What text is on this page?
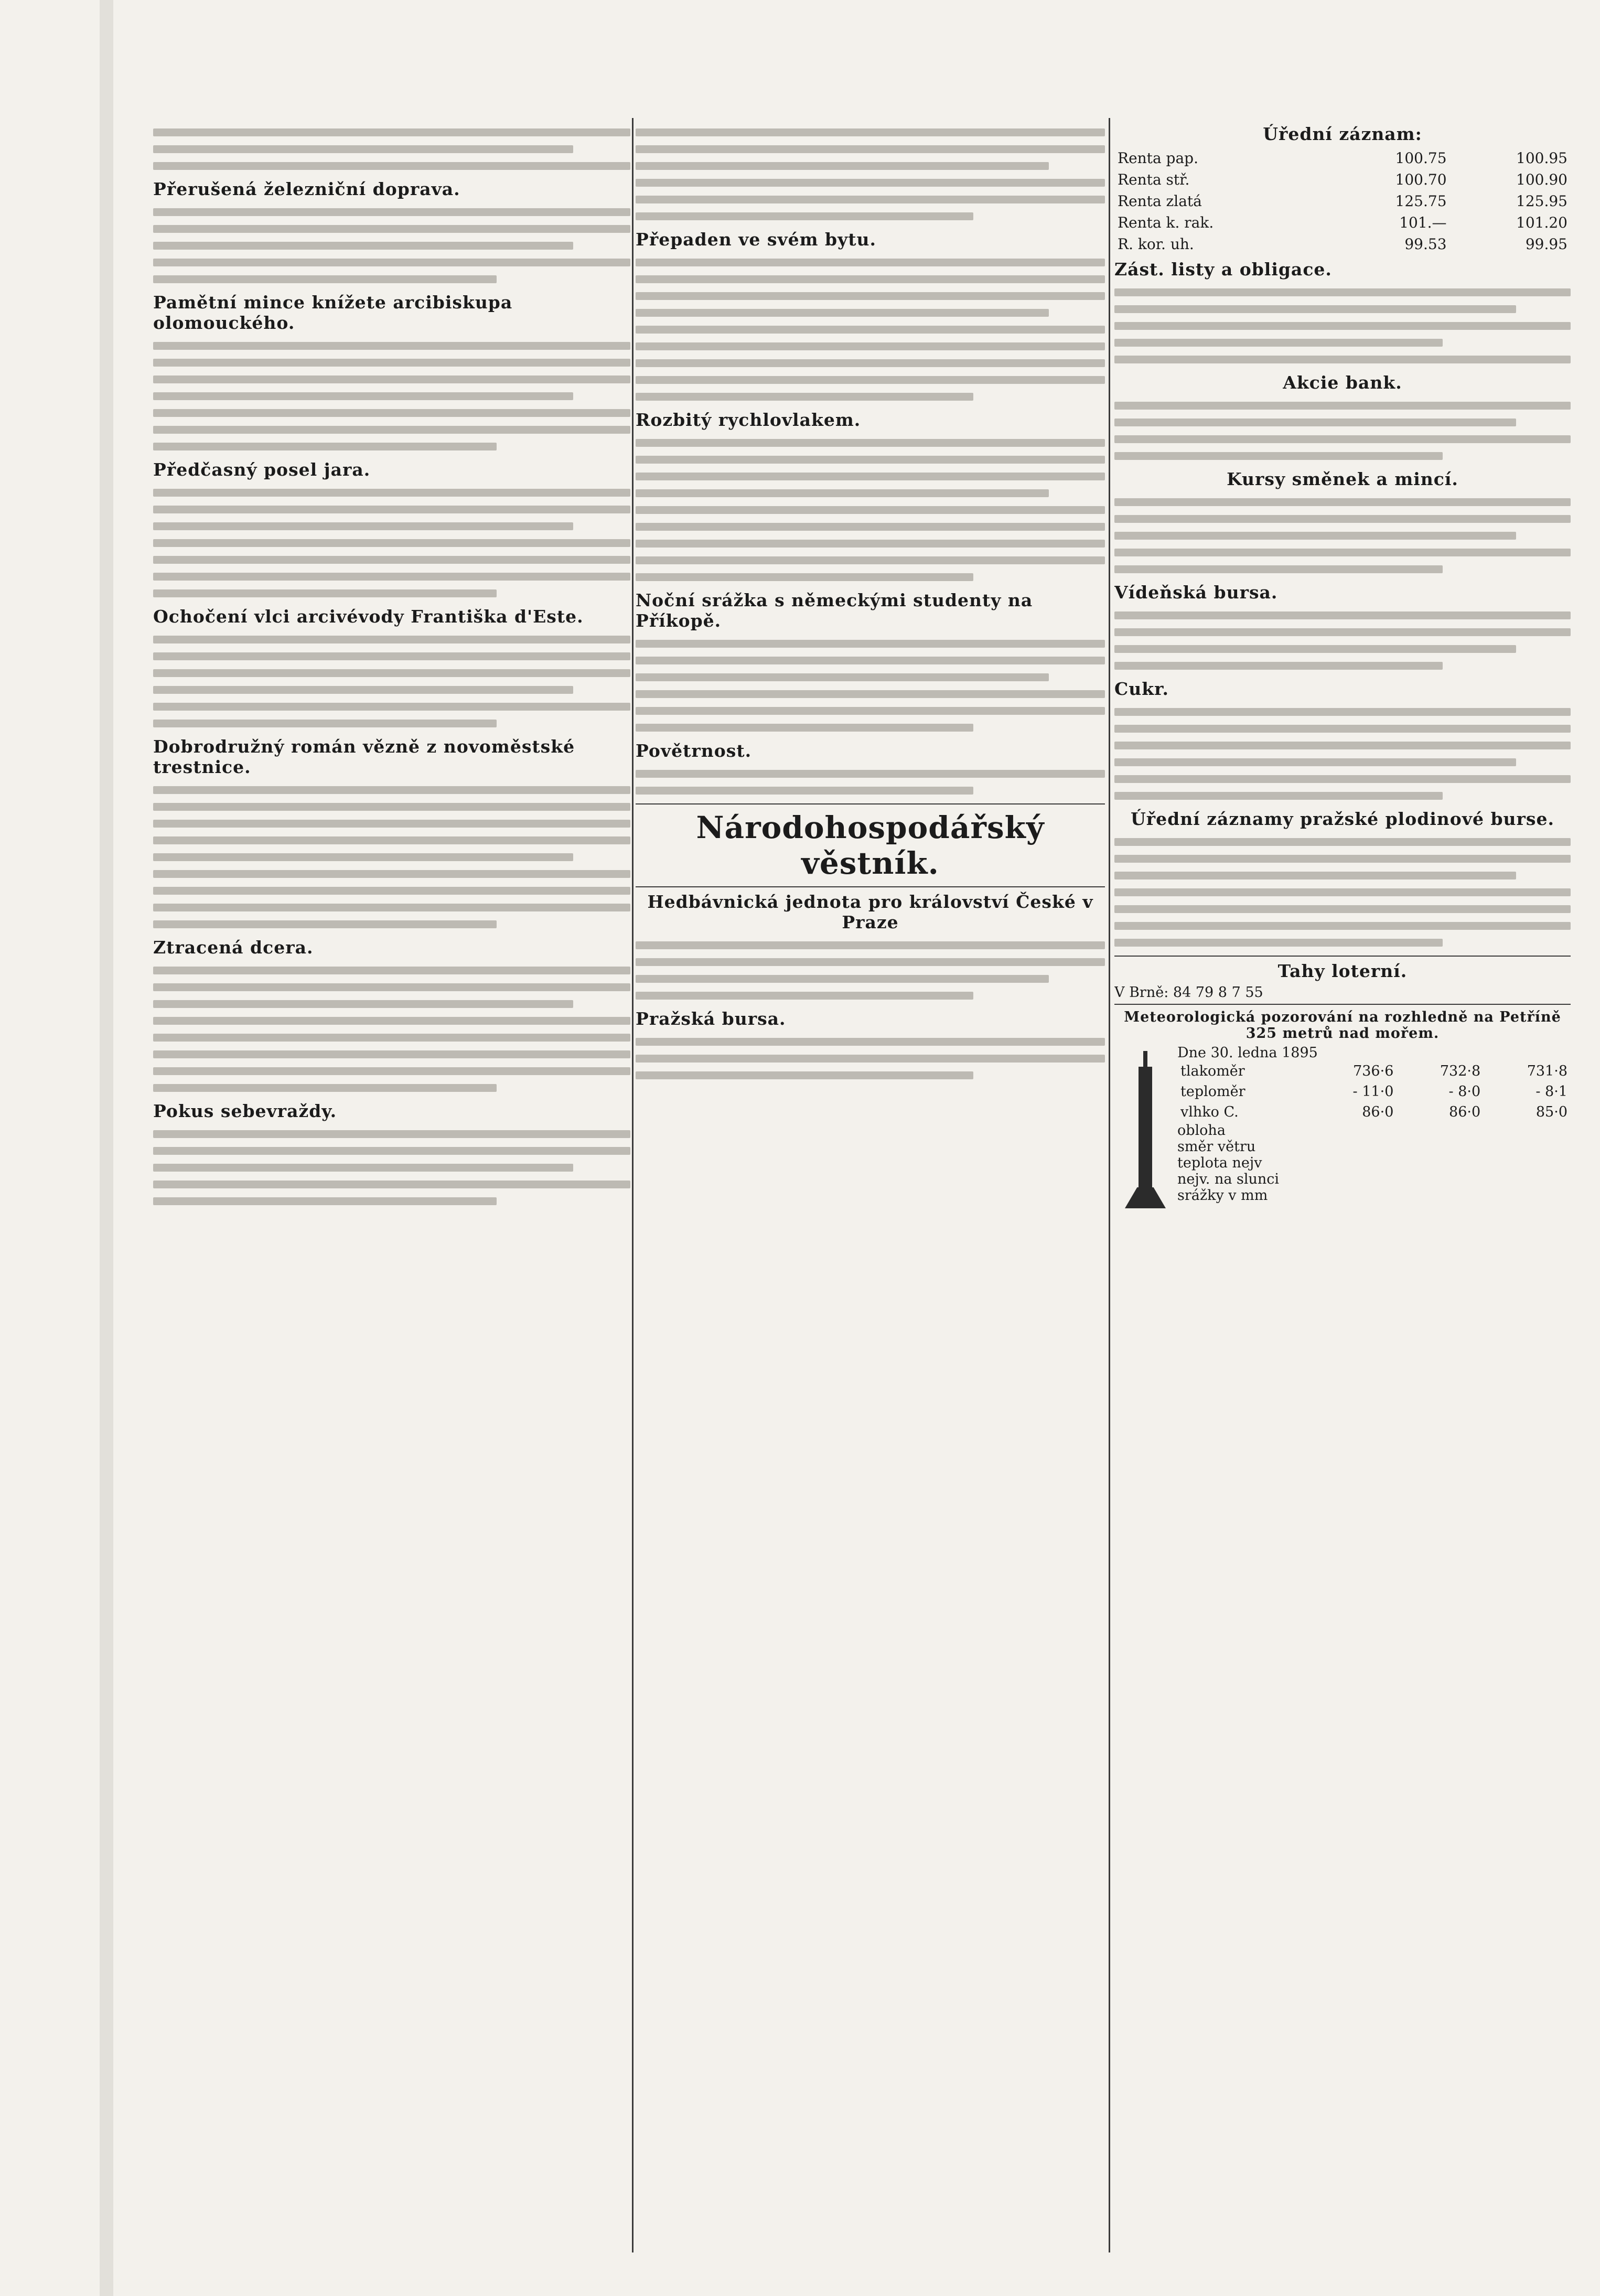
Přerušená železniční doprava.
Pamětní mince knížete arcibiskupa olomouckého.
Předčasný posel jara.
Ochočení vlci arcivévody Františka d'Este.
Dobrodružný román vězně z novoměstské trestnice.
Ztracená dcera.
Pokus sebevraždy.
Přepaden ve svém bytu.
Rozbitý rychlovlakem.
Noční srážka s německými studenty na Příkopě.
Povětrnost.
Národohospodářský věstník.
Hedbávnická jednota pro království České v Praze
Pražská bursa.
Úřední záznam:
Renta pap.	100.75	100.95
Renta stř.	100.70	100.90
Renta zlatá	125.75	125.95
Renta k. rak.	101.—	101.20
R. kor. uh.	99.53	99.95
Zást. listy a obligace.
Akcie bank.
Kursy směnek a mincí.
Vídeňská bursa.
Cukr.
Úřední záznamy pražské plodinové burse.
Tahy loterní.
V Brně: 84 79 8 7 55
Meteorologická pozorování na rozhledně na Petříně 325 metrů nad mořem.
Dne 30. ledna 1895
tlakoměr	736·6	732·8	731·8
teploměr	- 11·0	- 8·0	- 8·1
vlhko C.	86·0	86·0	85·0
obloha
směr větru
teplota nejv
nejv. na slunci
srážky v mm
